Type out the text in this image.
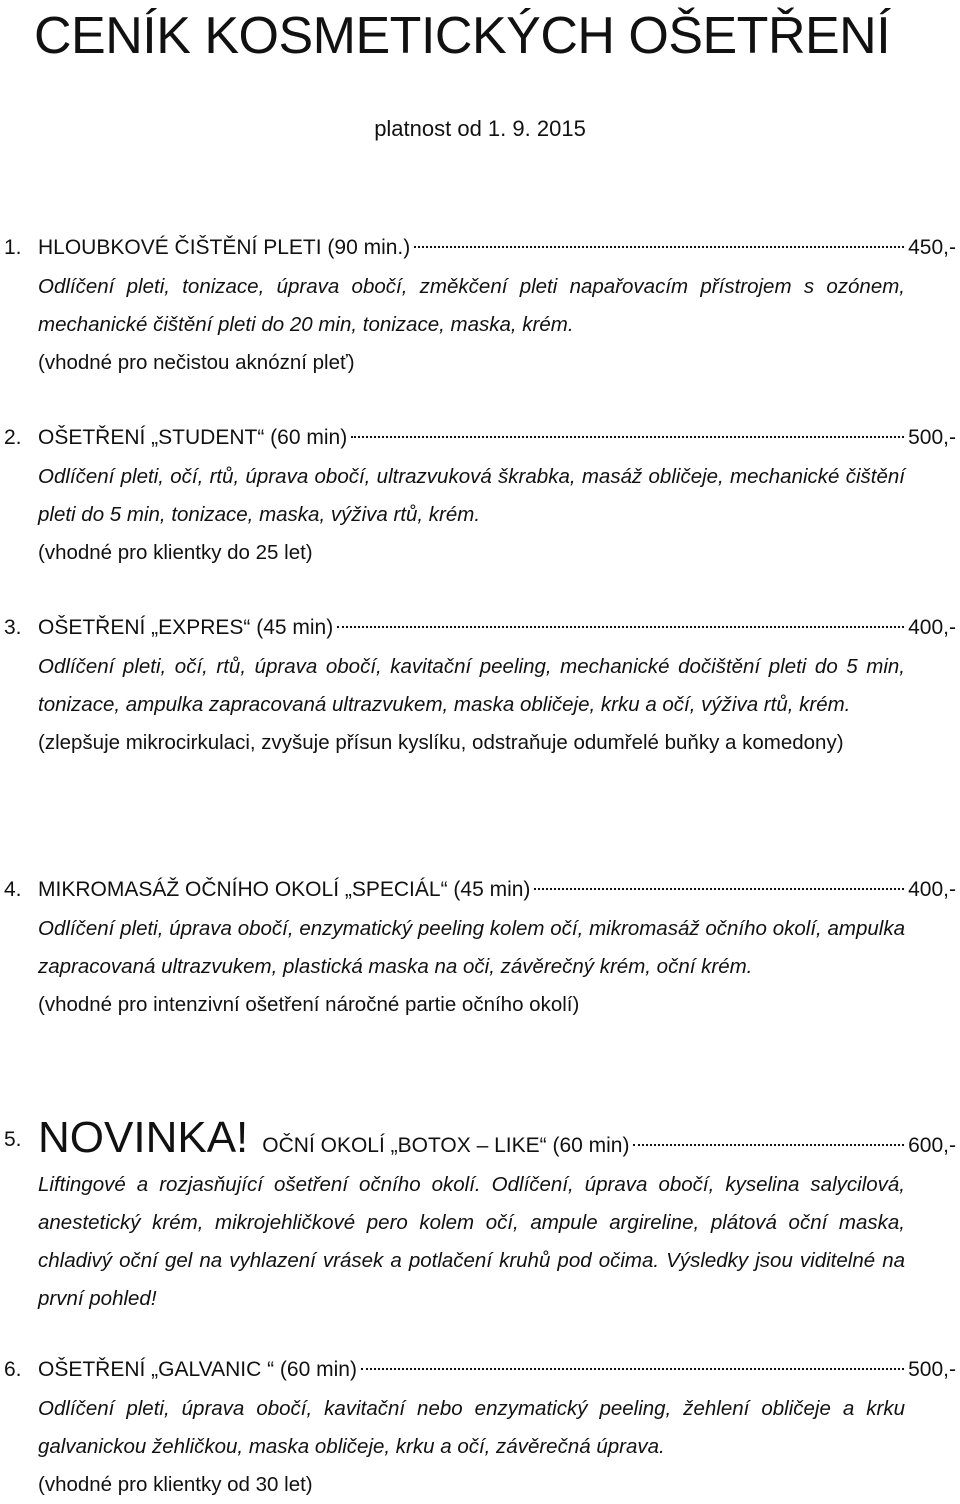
CENÍK KOSMETICKÝCH OŠETŘENÍ
platnost od 1. 9. 2015
1. HLOUBKOVÉ ČIŠTĚNÍ PLETI (90 min.)	450,-
Odlíčení pleti, tonizace, úprava obočí, změkčení pleti napařovacím přístrojem s ozónem, mechanické čištění pleti do 20 min, tonizace, maska, krém.
(vhodné pro nečistou aknózní pleť)
2. OŠETŘENÍ „STUDENT“ (60 min)	500,-
Odlíčení pleti, očí, rtů, úprava obočí, ultrazvuková škrabka, masáž obličeje, mechanické čištění pleti do 5 min, tonizace, maska, výživa rtů, krém.
(vhodné pro klientky do 25 let)
3. OŠETŘENÍ „EXPRES“ (45 min)	400,-
Odlíčení pleti, očí, rtů, úprava obočí, kavitační peeling, mechanické dočištění pleti do 5 min, tonizace, ampulka zapracovaná ultrazvukem, maska obličeje, krku a očí, výživa rtů, krém.
(zlepšuje mikrocirkulaci, zvyšuje přísun kyslíku, odstraňuje odumřelé buňky a komedony)
4. MIKROMASÁŽ OČNÍHO OKOLÍ „SPECIÁL“ (45 min)	400,-
Odlíčení pleti, úprava obočí, enzymatický peeling kolem očí, mikromasáž očního okolí, ampulka zapracovaná ultrazvukem, plastická maska na oči, závěrečný krém, oční krém.
(vhodné pro intenzivní ošetření náročné partie očního okolí)
5. NOVINKA! OČNÍ OKOLÍ „BOTOX – LIKE“ (60 min)	600,-
Liftingové a rozjasňující ošetření očního okolí. Odlíčení, úprava obočí, kyselina salycilová, anestetický krém, mikrojehličkové pero kolem očí, ampule argireline, plátová oční maska, chladivý oční gel na vyhlazení vrásek a potlačení kruhů pod očima. Výsledky jsou viditelné na první pohled!
6. OŠETŘENÍ „GALVANIC “ (60 min)	500,-
Odlíčení pleti, úprava obočí, kavitační nebo enzymatický peeling, žehlení obličeje a krku galvanickou žehličkou, maska obličeje, krku a očí, závěrečná úprava.
(vhodné pro klientky od 30 let)
